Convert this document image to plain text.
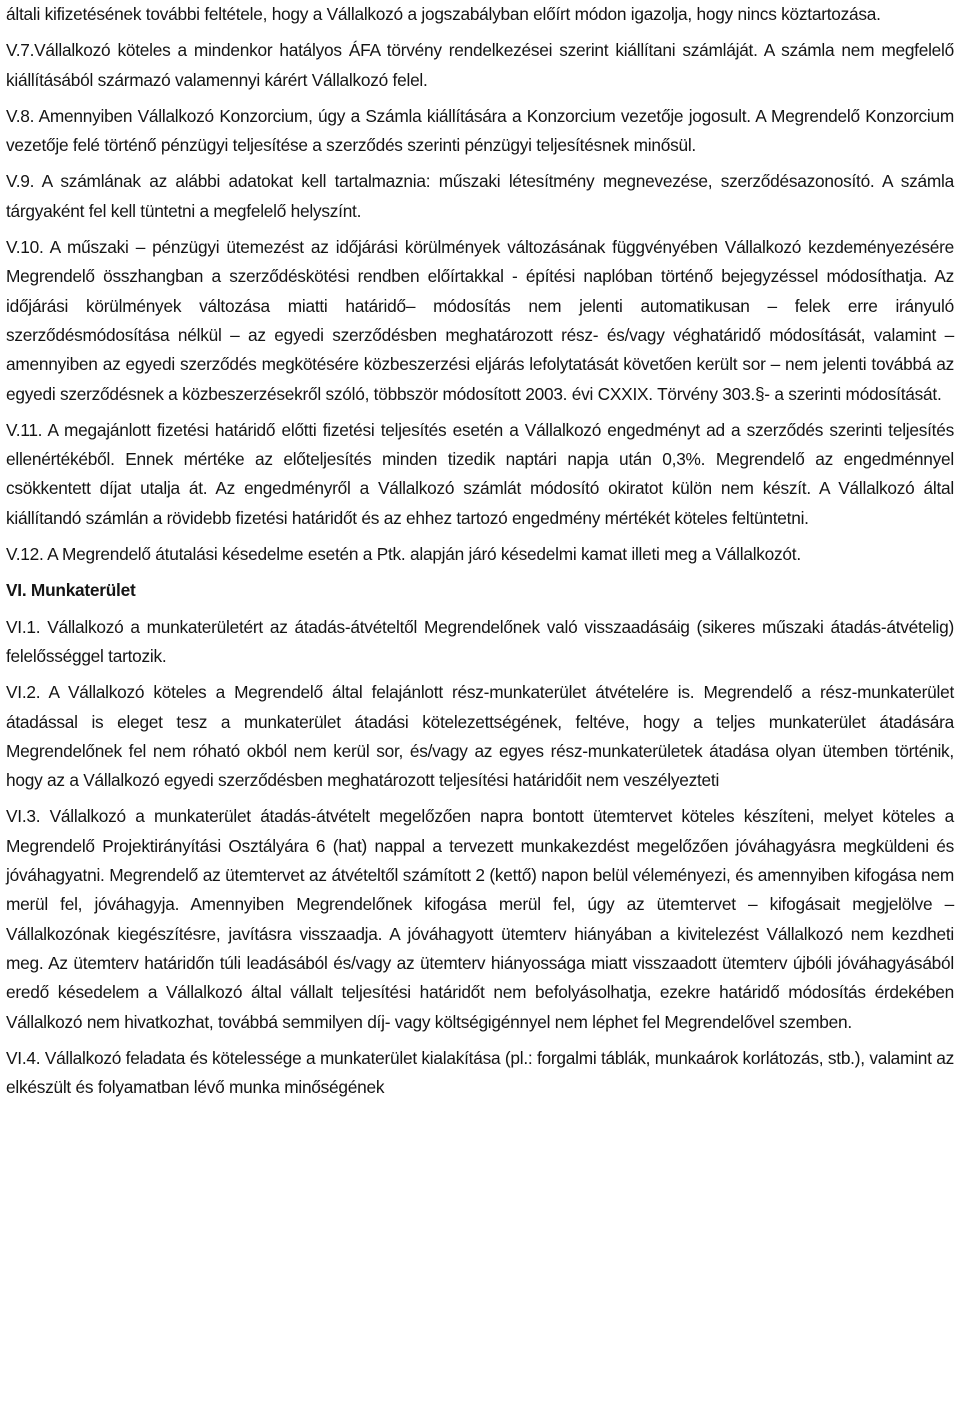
általi kifizetésének további feltétele, hogy a Vállalkozó a jogszabályban előírt módon igazolja, hogy nincs köztartozása.

V.7.Vállalkozó köteles a mindenkor hatályos ÁFA törvény rendelkezései szerint kiállítani számláját. A számla nem megfelelő kiállításából származó valamennyi kárért Vállalkozó felel.

V.8. Amennyiben Vállalkozó Konzorcium, úgy a Számla kiállítására a Konzorcium vezetője jogosult. A Megrendelő Konzorcium vezetője felé történő pénzügyi teljesítése a szerződés szerinti pénzügyi teljesítésnek minősül.

V.9. A számlának az alábbi adatokat kell tartalmaznia: műszaki létesítmény megnevezése, szerződésazonosító. A számla tárgyaként fel kell tüntetni a megfelelő helyszínt.

V.10. A műszaki – pénzügyi ütemezést az időjárási körülmények változásának függvényében Vállalkozó kezdeményezésére Megrendelő összhangban a szerződéskötési rendben előírtakkal - építési naplóban történő bejegyzéssel módosíthatja. Az időjárási körülmények változása miatti határidő– módosítás nem jelenti automatikusan – felek erre irányuló szerződésmódosítása nélkül – az egyedi szerződésben meghatározott rész- és/vagy véghatáridő módosítását, valamint – amennyiben az egyedi szerződés megkötésére közbeszerzési eljárás lefolytatását követően került sor – nem jelenti továbbá az egyedi szerződésnek a közbeszerzésekről szóló, többször módosított 2003. évi CXXIX. Törvény 303.§- a szerinti módosítását.

V.11. A megajánlott fizetési határidő előtti fizetési teljesítés esetén a Vállalkozó engedményt ad a szerződés szerinti teljesítés ellenértékéből. Ennek mértéke az előteljesítés minden tizedik naptári napja után 0,3%. Megrendelő az engedménnyel csökkentett díjat utalja át. Az engedményről a Vállalkozó számlát módosító okiratot külön nem készít. A Vállalkozó által kiállítandó számlán a rövidebb fizetési határidőt és az ehhez tartozó engedmény mértékét köteles feltüntetni.

V.12. A Megrendelő átutalási késedelme esetén a Ptk. alapján járó késedelmi kamat illeti meg a Vállalkozót.

VI. Munkaterület

VI.1. Vállalkozó a munkaterületért az átadás-átvételtől Megrendelőnek való visszaadásáig (sikeres műszaki átadás-átvételig) felelősséggel tartozik.

VI.2. A Vállalkozó köteles a Megrendelő által felajánlott rész-munkaterület átvételére is. Megrendelő a rész-munkaterület átadással is eleget tesz a munkaterület átadási kötelezettségének, feltéve, hogy a teljes munkaterület átadására Megrendelőnek fel nem róható okból nem kerül sor, és/vagy az egyes rész-munkaterületek átadása olyan ütemben történik, hogy az a Vállalkozó egyedi szerződésben meghatározott teljesítési határidőit nem veszélyezteti

VI.3. Vállalkozó a munkaterület átadás-átvételt megelőzően napra bontott ütemtervet köteles készíteni, melyet köteles a Megrendelő Projektirányítási Osztályára 6 (hat) nappal a tervezett munkakezdést megelőzően jóváhagyásra megküldeni és jóváhagyatni. Megrendelő az ütemtervet az átvételtől számított 2 (kettő) napon belül véleményezi, és amennyiben kifogása nem merül fel, jóváhagyja. Amennyiben Megrendelőnek kifogása merül fel, úgy az ütemtervet – kifogásait megjelölve – Vállalkozónak kiegészítésre, javításra visszaadja. A jóváhagyott ütemterv hiányában a kivitelezést Vállalkozó nem kezdheti meg. Az ütemterv határidőn túli leadásából és/vagy az ütemterv hiányossága miatt visszaadott ütemterv újbóli jóváhagyásából eredő késedelem a Vállalkozó által vállalt teljesítési határidőt nem befolyásolhatja, ezekre határidő módosítás érdekében Vállalkozó nem hivatkozhat, továbbá semmilyen díj- vagy költségigénnyel nem léphet fel Megrendelővel szemben.

VI.4. Vállalkozó feladata és kötelessége a munkaterület kialakítása (pl.: forgalmi táblák, munkaárok korlátozás, stb.), valamint az elkészült és folyamatban lévő munka minőségének
